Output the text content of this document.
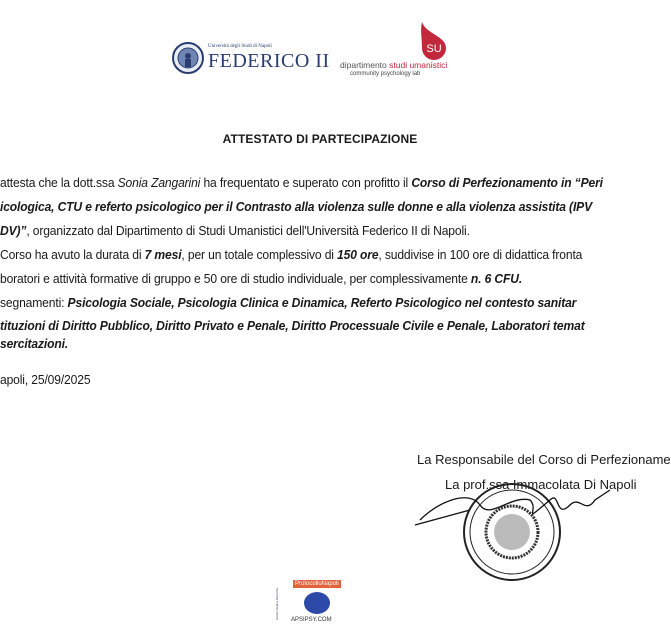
Università degli Studi di Napoli
FEDERICO II
SU
dipartimento studi umanistici
community psychology lab
ATTESTATO DI PARTECIPAZIONE
attesta che la dott.ssa Sonia Zangarini ha frequentato e superato con profitto il Corso di Perfezionamento in “Peri
icologica, CTU e referto psicologico per il Contrasto alla violenza sulle donne e alla violenza assistita (IPV
DV)”, organizzato dal Dipartimento di Studi Umanistici dell'Università Federico II di Napoli.
Corso ha avuto la durata di 7 mesi, per un totale complessivo di 150 ore, suddivise in 100 ore di didattica fronta
boratori e attività formative di gruppo e 50 ore di studio individuale, per complessivamente n. 6 CFU.
segnamenti: Psicologia Sociale, Psicologia Clinica e Dinamica, Referto Psicologico nel contesto sanitar
tituzioni di Diritto Pubblico, Diritto Privato e Penale, Diritto Processuale Civile e Penale, Laboratori temat
sercitazioni.
apoli, 25/09/2025
La Responsabile del Corso di Perfezioname
La prof.ssa Immacolata Di Napoli
ProtocolloNapoli
APSIPSY.COM
Centro Studi e Ricerche
